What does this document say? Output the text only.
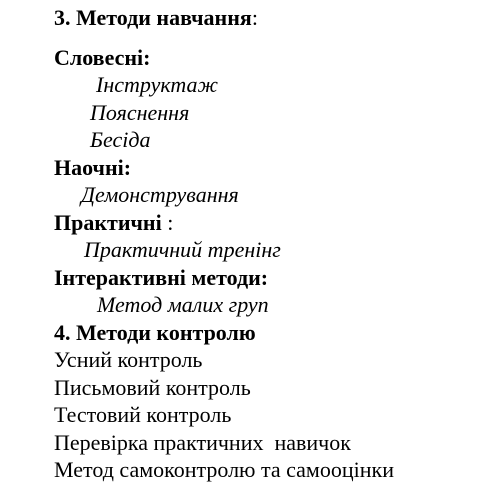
3. Методи навчання:
Словесні:
Інструктаж
Пояснення
Бесіда
Наочні:
Демонстрування
Практичні :
Практичний тренінг
Інтерактивні методи:
Метод малих груп
4. Методи контролю
Усний контроль
Письмовий контроль
Тестовий контроль
Перевірка практичних  навичок
Метод самоконтролю та самооцінки
